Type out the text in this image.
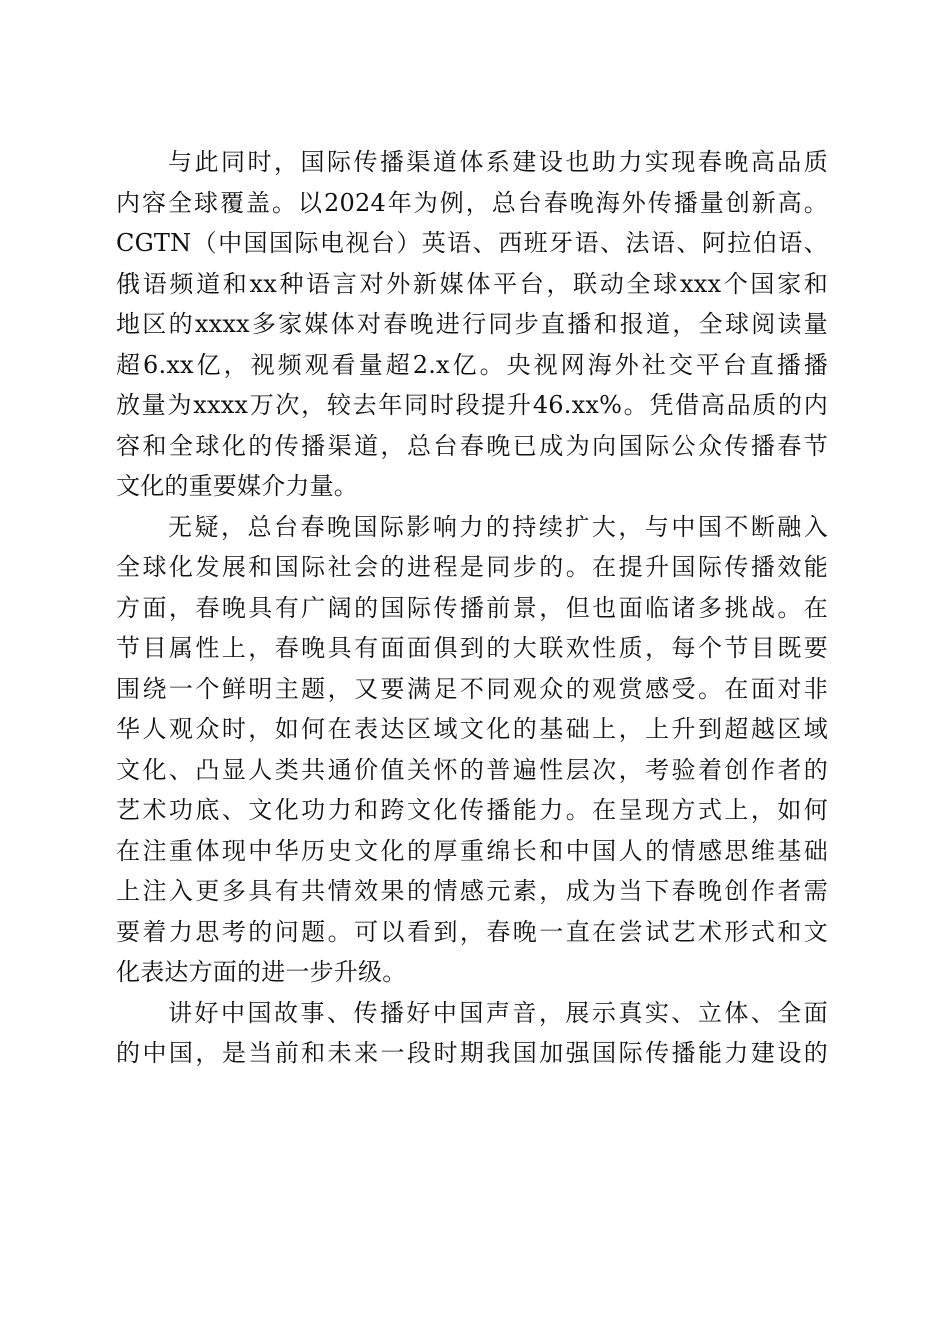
与此同时，国际传播渠道体系建设也助力实现春晚高品质
内容全球覆盖。以2024年为例，总台春晚海外传播量创新高。
CGTN（中国国际电视台）英语、西班牙语、法语、阿拉伯语、
俄语频道和xx种语言对外新媒体平台，联动全球xxx个国家和
地区的xxxx多家媒体对春晚进行同步直播和报道，全球阅读量
超6.xx亿，视频观看量超2.x亿。央视网海外社交平台直播播
放量为xxxx万次，较去年同时段提升46.xx%。凭借高品质的内
容和全球化的传播渠道，总台春晚已成为向国际公众传播春节
文化的重要媒介力量。
无疑，总台春晚国际影响力的持续扩大，与中国不断融入
全球化发展和国际社会的进程是同步的。在提升国际传播效能
方面，春晚具有广阔的国际传播前景，但也面临诸多挑战。在
节目属性上，春晚具有面面俱到的大联欢性质，每个节目既要
围绕一个鲜明主题，又要满足不同观众的观赏感受。在面对非
华人观众时，如何在表达区域文化的基础上，上升到超越区域
文化、凸显人类共通价值关怀的普遍性层次，考验着创作者的
艺术功底、文化功力和跨文化传播能力。在呈现方式上，如何
在注重体现中华历史文化的厚重绵长和中国人的情感思维基础
上注入更多具有共情效果的情感元素，成为当下春晚创作者需
要着力思考的问题。可以看到，春晚一直在尝试艺术形式和文
化表达方面的进一步升级。
讲好中国故事、传播好中国声音，展示真实、立体、全面
的中国，是当前和未来一段时期我国加强国际传播能力建设的
